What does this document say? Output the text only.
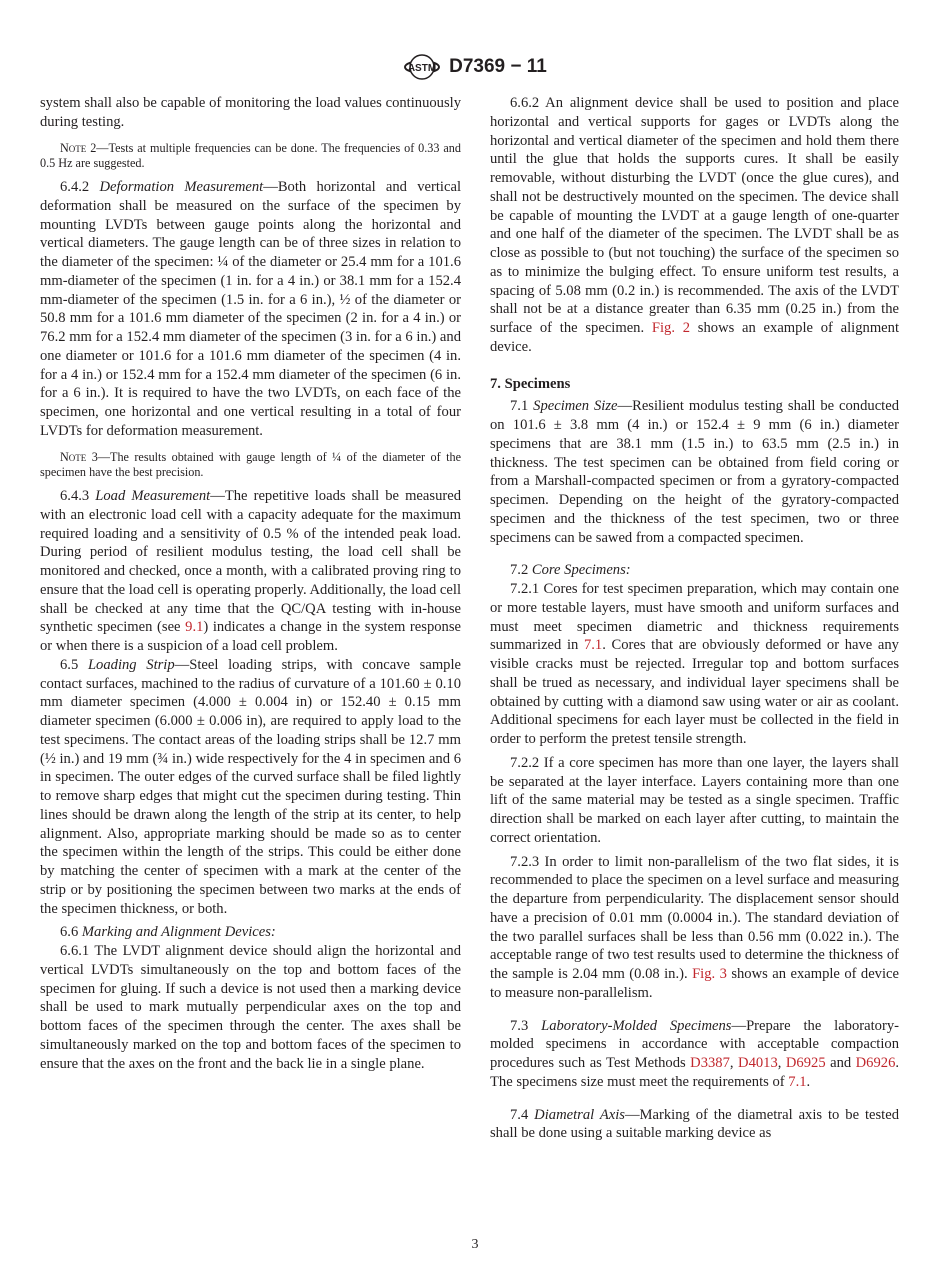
ASTM D7369 − 11
system shall also be capable of monitoring the load values continuously during testing.
Note 2—Tests at multiple frequencies can be done. The frequencies of 0.33 and 0.5 Hz are suggested.
6.4.2 Deformation Measurement—Both horizontal and vertical deformation shall be measured on the surface of the specimen by mounting LVDTs between gauge points along the horizontal and vertical diameters. The gauge length can be of three sizes in relation to the diameter of the specimen: ¼ of the diameter or 25.4 mm for a 101.6 mm-diameter of the specimen (1 in. for a 4 in.) or 38.1 mm for a 152.4 mm-diameter of the specimen (1.5 in. for a 6 in.), ½ of the diameter or 50.8 mm for a 101.6 mm diameter of the specimen (2 in. for a 4 in.) or 76.2 mm for a 152.4 mm diameter of the specimen (3 in. for a 6 in.) and one diameter or 101.6 for a 101.6 mm diameter of the specimen (4 in. for a 4 in.) or 152.4 mm for a 152.4 mm diameter of the specimen (6 in. for a 6 in.). It is required to have the two LVDTs, on each face of the specimen, one horizontal and one vertical resulting in a total of four LVDTs for deformation measurement.
Note 3—The results obtained with gauge length of ¼ of the diameter of the specimen have the best precision.
6.4.3 Load Measurement—The repetitive loads shall be measured with an electronic load cell with a capacity adequate for the maximum required loading and a sensitivity of 0.5 % of the intended peak load. During period of resilient modulus testing, the load cell shall be monitored and checked, once a month, with a calibrated proving ring to ensure that the load cell is operating properly. Additionally, the load cell shall be checked at any time that the QC/QA testing with in-house synthetic specimen (see 9.1) indicates a change in the system response or when there is a suspicion of a load cell problem.
6.5 Loading Strip—Steel loading strips, with concave sample contact surfaces, machined to the radius of curvature of a 101.60 ± 0.10 mm diameter specimen (4.000 ± 0.004 in) or 152.40 ± 0.15 mm diameter specimen (6.000 ± 0.006 in), are required to apply load to the test specimens. The contact areas of the loading strips shall be 12.7 mm (½ in.) and 19 mm (¾ in.) wide respectively for the 4 in specimen and 6 in specimen. The outer edges of the curved surface shall be filed lightly to remove sharp edges that might cut the specimen during testing. Thin lines should be drawn along the length of the strip at its center, to help alignment. Also, appropriate marking should be made so as to center the specimen within the length of the strips. This could be either done by matching the center of specimen with a mark at the center of the strip or by positioning the specimen between two marks at the ends of the specimen thickness, or both.
6.6 Marking and Alignment Devices:
6.6.1 The LVDT alignment device should align the horizontal and vertical LVDTs simultaneously on the top and bottom faces of the specimen for gluing. If such a device is not used then a marking device shall be used to mark mutually perpendicular axes on the top and bottom faces of the specimen through the center. The axes shall be simultaneously marked on the top and bottom faces of the specimen to ensure that the axes on the front and the back lie in a single plane.
6.6.2 An alignment device shall be used to position and place horizontal and vertical supports for gages or LVDTs along the horizontal and vertical diameter of the specimen and hold them there until the glue that holds the supports cures. It shall be easily removable, without disturbing the LVDT (once the glue cures), and shall not be destructively mounted on the specimen. The device shall be capable of mounting the LVDT at a gauge length of one-quarter and one half of the diameter of the specimen. The LVDT shall be as close as possible to (but not touching) the surface of the specimen so as to minimize the bulging effect. To ensure uniform test results, a spacing of 5.08 mm (0.2 in.) is recommended. The axis of the LVDT shall not be at a distance greater than 6.35 mm (0.25 in.) from the surface of the specimen. Fig. 2 shows an example of alignment device.
7. Specimens
7.1 Specimen Size—Resilient modulus testing shall be conducted on 101.6 ± 3.8 mm (4 in.) or 152.4 ± 9 mm (6 in.) diameter specimens that are 38.1 mm (1.5 in.) to 63.5 mm (2.5 in.) in thickness. The test specimen can be obtained from field coring or from a Marshall-compacted specimen or from a gyratory-compacted specimen. Depending on the height of the gyratory-compacted specimen and the thickness of the test specimen, two or three specimens can be sawed from a compacted specimen.
7.2 Core Specimens:
7.2.1 Cores for test specimen preparation, which may contain one or more testable layers, must have smooth and uniform surfaces and must meet specimen diametric and thickness requirements summarized in 7.1. Cores that are obviously deformed or have any visible cracks must be rejected. Irregular top and bottom surfaces shall be trued as necessary, and individual layer specimens shall be obtained by cutting with a diamond saw using water or air as coolant. Additional specimens for each layer must be collected in the field in order to perform the pretest tensile strength.
7.2.2 If a core specimen has more than one layer, the layers shall be separated at the layer interface. Layers containing more than one lift of the same material may be tested as a single specimen. Traffic direction shall be marked on each layer after cutting, to maintain the correct orientation.
7.2.3 In order to limit non-parallelism of the two flat sides, it is recommended to place the specimen on a level surface and measuring the departure from perpendicularity. The displacement sensor should have a precision of 0.01 mm (0.0004 in.). The standard deviation of the two parallel surfaces shall be less than 0.56 mm (0.022 in.). The acceptable range of two test results used to determine the thickness of the sample is 2.04 mm (0.08 in.). Fig. 3 shows an example of device to measure non-parallelism.
7.3 Laboratory-Molded Specimens—Prepare the laboratory-molded specimens in accordance with acceptable compaction procedures such as Test Methods D3387, D4013, D6925 and D6926. The specimens size must meet the requirements of 7.1.
7.4 Diametral Axis—Marking of the diametral axis to be tested shall be done using a suitable marking device as
3
